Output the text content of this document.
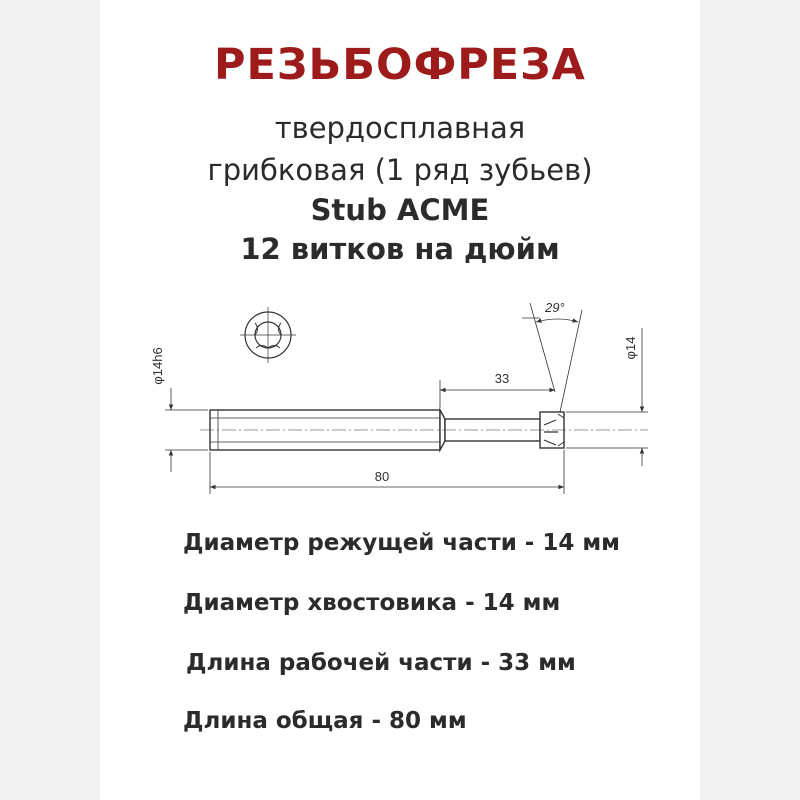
РЕЗЬБОФРЕЗА
твердосплавная
грибковая (1 ряд зубьев)
Stub ACME
12 витков на дюйм
φ14h6	φ14
29°
33
80
Диаметр режущей части - 14 мм
Диаметр хвостовика - 14 мм
Длина рабочей части - 33 мм
Длина общая - 80 мм
